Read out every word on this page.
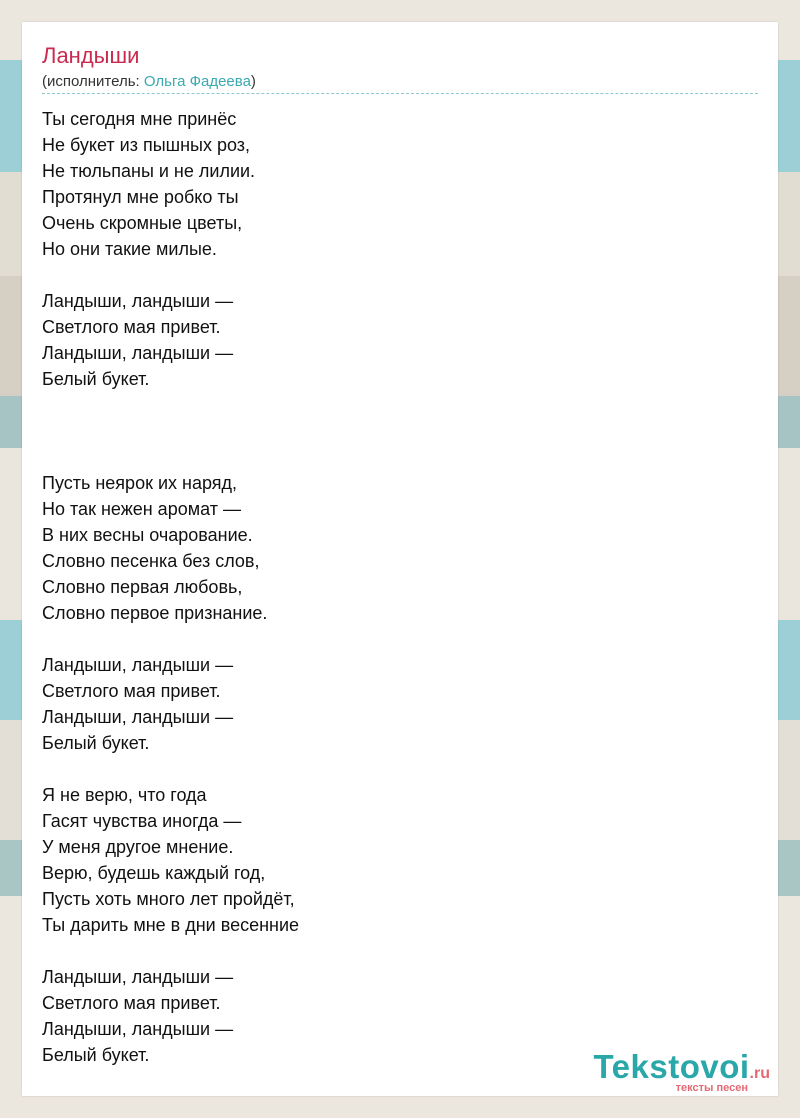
Ландыши
(исполнитель: Ольга Фадеева)
Ты сегодня мне принёс
Не букет из пышных роз,
Не тюльпаны и не лилии.
Протянул мне робко ты
Очень скромные цветы,
Но они такие милые.
Ландыши, ландыши —
Светлого мая привет.
Ландыши, ландыши —
Белый букет.
Пусть неярок их наряд,
Но так нежен аромат —
В них весны очарование.
Словно песенка без слов,
Словно первая любовь,
Словно первое признание.
Ландыши, ландыши —
Светлого мая привет.
Ландыши, ландыши —
Белый букет.
Я не верю, что года
Гасят чувства иногда —
У меня другое мнение.
Верю, будешь каждый год,
Пусть хоть много лет пройдёт,
Ты дарить мне в дни весенние
Ландыши, ландыши —
Светлого мая привет.
Ландыши, ландыши —
Белый букет.	Tekstovoi.ru
тексты песен
